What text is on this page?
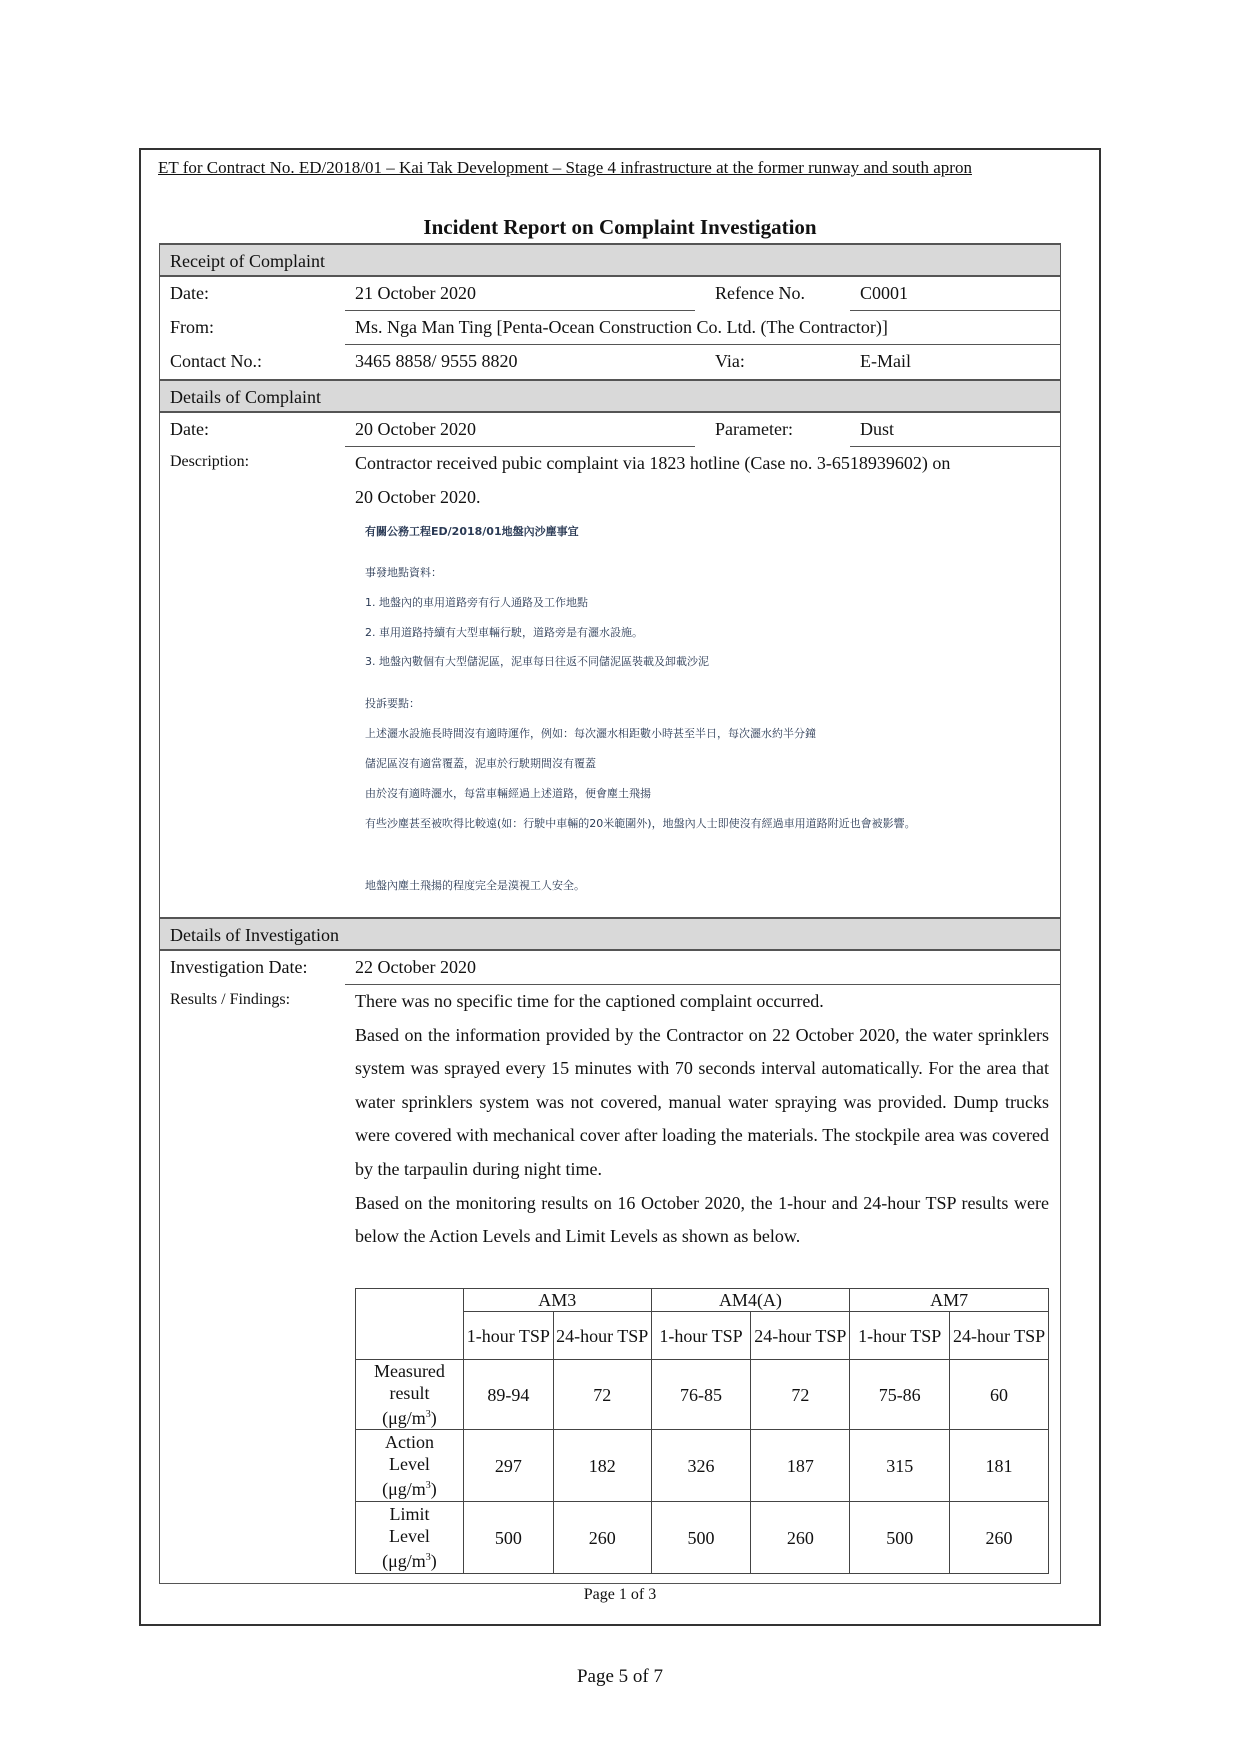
ET for Contract No. ED/2018/01 – Kai Tak Development – Stage 4 infrastructure at the former runway and south apron
Incident Report on Complaint Investigation
Receipt of Complaint
Date:	21 October 2020	Refence No.	C0001
From:	Ms. Nga Man Ting [Penta-Ocean Construction Co. Ltd. (The Contractor)]
Contact No.:	3465 8858/ 9555 8820	Via:	E-Mail
Details of Complaint
Date:	20 October 2020	Parameter:	Dust
Description:	Contractor received pubic complaint via 1823 hotline (Case no. 3-6518939602) on
20 October 2020.
有關公務工程ED/2018/01地盤內沙塵事宜
事發地點資料：
1. 地盤內的車用道路旁有行人通路及工作地點
2. 車用道路持續有大型車輛行駛，道路旁是有灑水設施。
3. 地盤內數個有大型儲泥區，泥車每日往返不同儲泥區裝載及卸載沙泥
投訴要點：
上述灑水設施長時間沒有適時運作，例如：每次灑水相距數小時甚至半日，每次灑水約半分鐘
儲泥區沒有適當覆蓋，泥車於行駛期間沒有覆蓋
由於沒有適時灑水，每當車輛經過上述道路，便會塵土飛揚
有些沙塵甚至被吹得比較遠(如：行駛中車輛的20米範圍外)，地盤內人士即使沒有經過車用道路附近也會被影響。
地盤內塵土飛揚的程度完全是漠視工人安全。
Details of Investigation
Investigation Date:	22 October 2020
Results / Findings:	There was no specific time for the captioned complaint occurred.
Based on the information provided by the Contractor on 22 October 2020, the water sprinklers system was sprayed every 15 minutes with 70 seconds interval automatically. For the area that water sprinklers system was not covered, manual water spraying was provided. Dump trucks were covered with mechanical cover after loading the materials. The stockpile area was covered by the tarpaulin during night time.
Based on the monitoring results on 16 October 2020, the 1-hour and 24-hour TSP results were below the Action Levels and Limit Levels as shown as below.
	AM3		AM4(A)		AM7	
	1-hour TSP	24-hour TSP	1-hour TSP	24-hour TSP	1-hour TSP	24-hour TSP

Measured
result
$(\mu g/m^3)$	89-94	72	76-85	72	75-86	60

Action
Level
$(\mu g/m^3)$	297	182	326	187	315	181

Limit
Level
$(\mu g/m^3)$	500	260	500	260	500	260
Page 1 of 3
Page 5 of 7
